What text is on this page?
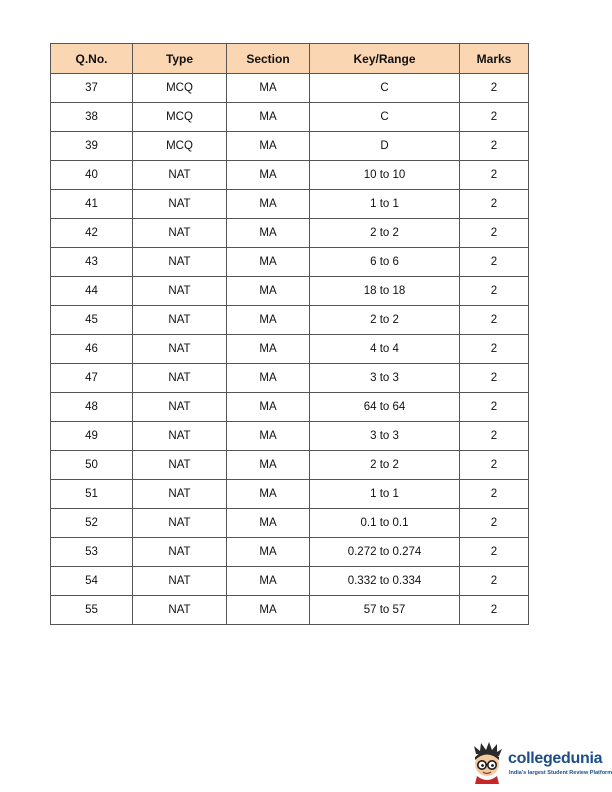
Q.No.	Type	Section	Key/Range	Marks
37	MCQ	MA	C	2
38	MCQ	MA	C	2
39	MCQ	MA	D	2
40	NAT	MA	10 to 10	2
41	NAT	MA	1 to 1	2
42	NAT	MA	2 to 2	2
43	NAT	MA	6 to 6	2
44	NAT	MA	18 to 18	2
45	NAT	MA	2 to 2	2
46	NAT	MA	4 to 4	2
47	NAT	MA	3 to 3	2
48	NAT	MA	64 to 64	2
49	NAT	MA	3 to 3	2
50	NAT	MA	2 to 2	2
51	NAT	MA	1 to 1	2
52	NAT	MA	0.1 to 0.1	2
53	NAT	MA	0.272 to 0.274	2
54	NAT	MA	0.332 to 0.334	2
55	NAT	MA	57 to 57	2
collegedunia
India's largest Student Review Platform
